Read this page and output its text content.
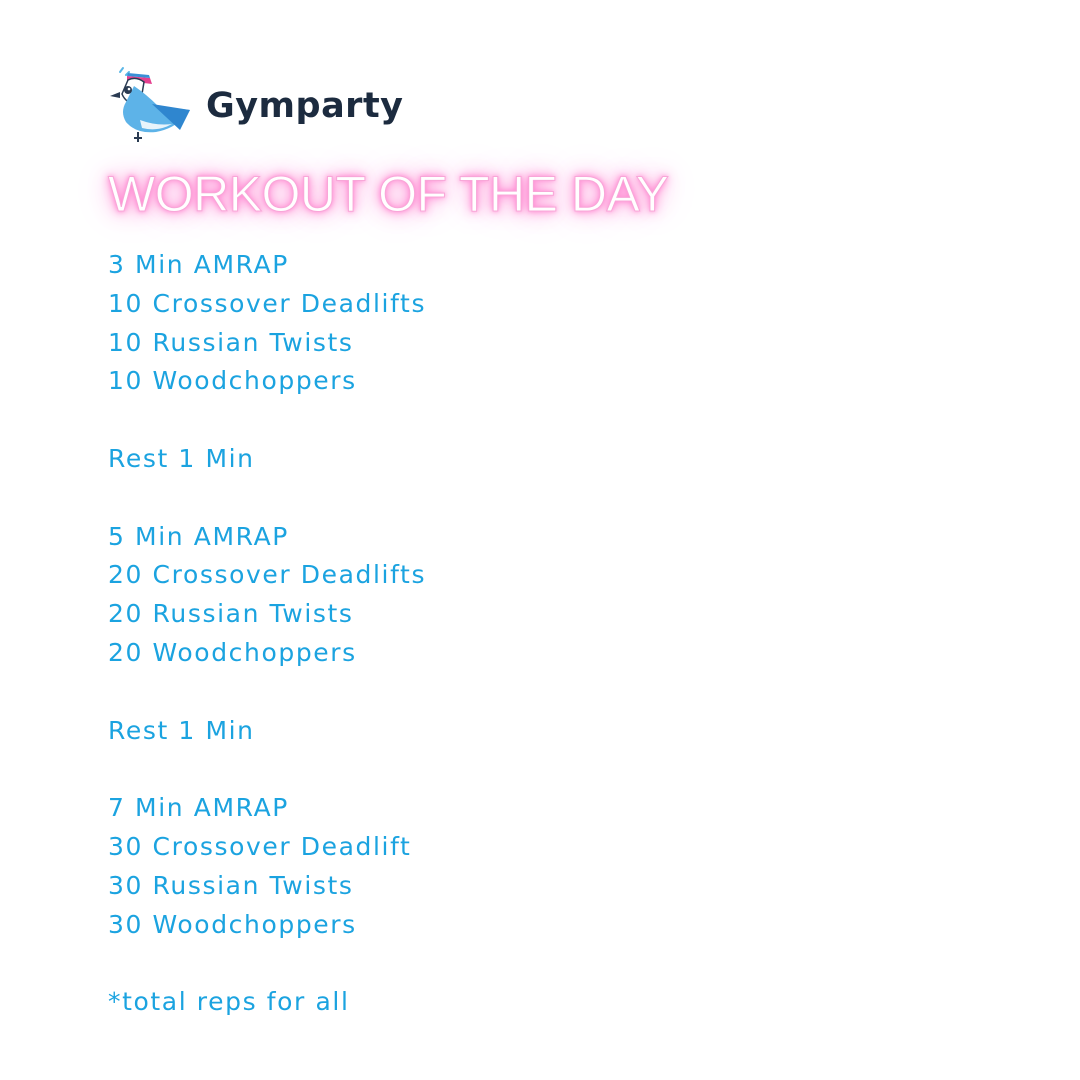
Gymparty
WORKOUT OF THE DAY
3 Min AMRAP
10 Crossover Deadlifts
10 Russian Twists
10 Woodchoppers
Rest 1 Min
5 Min AMRAP
20 Crossover Deadlifts
20 Russian Twists
20 Woodchoppers
Rest 1 Min
7 Min AMRAP
30 Crossover Deadlift
30 Russian Twists
30 Woodchoppers
*total reps for all
